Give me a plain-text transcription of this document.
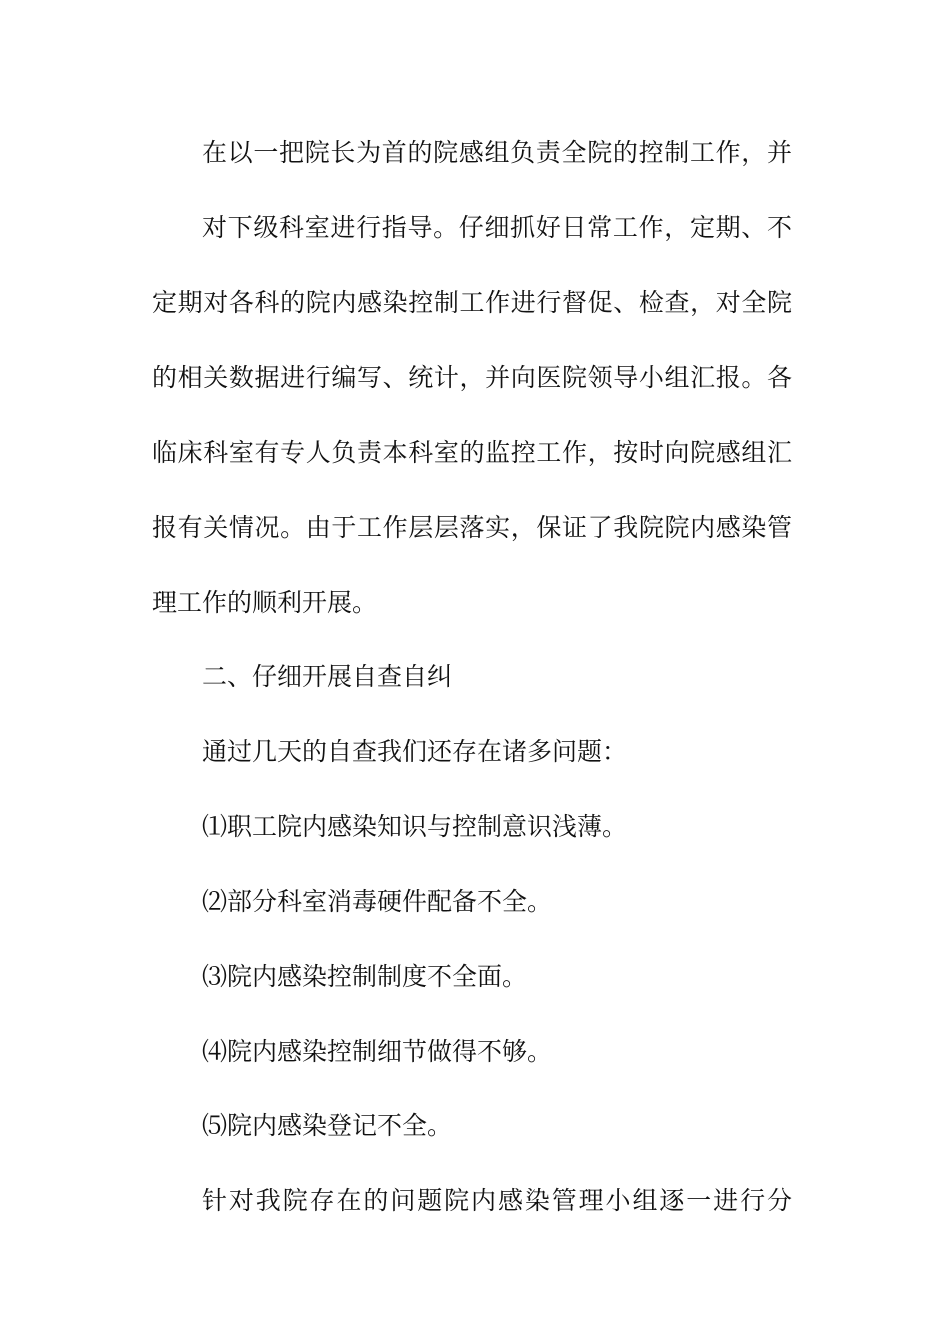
在以一把院长为首的院感组负责全院的控制工作，并
对下级科室进行指导。仔细抓好日常工作，定期、不
定期对各科的院内感染控制工作进行督促、检查，对全院
的相关数据进行编写、统计，并向医院领导小组汇报。各
临床科室有专人负责本科室的监控工作，按时向院感组汇
报有关情况。由于工作层层落实，保证了我院院内感染管
理工作的顺利开展。
二、仔细开展自查自纠
通过几天的自查我们还存在诸多问题：
⑴职工院内感染知识与控制意识浅薄。
⑵部分科室消毒硬件配备不全。
⑶院内感染控制制度不全面。
⑷院内感染控制细节做得不够。
⑸院内感染登记不全。
针对我院存在的问题院内感染管理小组逐一进行分
